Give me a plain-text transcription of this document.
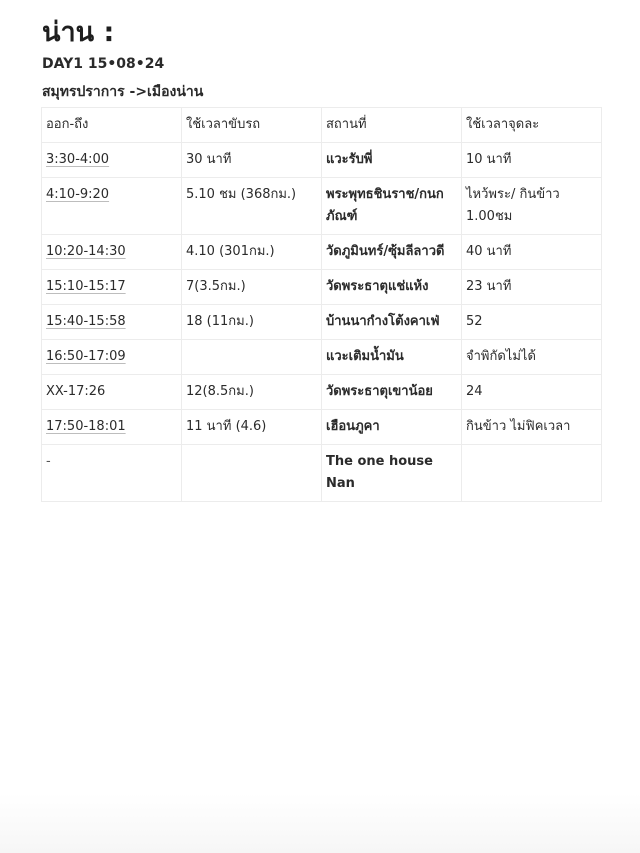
น่าน :
DAY1 15•08•24
สมุทรปราการ ->เมืองน่าน
ออก-ถึง	ใช้เวลาขับรถ	สถานที่	ใช้เวลาจุดละ
3:30-4:00	30 นาที	แวะรับพี่	10 นาที
4:10-9:20	5.10 ชม (368กม.)	พระพุทธชินราช/กนกภัณฑ์	ไหว้พระ/ กินข้าว 1.00ชม
10:20-14:30	4.10 (301กม.)	วัดภูมินทร์/ซุ้มลีลาวดี	40 นาที
15:10-15:17	7(3.5กม.)	วัดพระธาตุแช่แห้ง	23 นาที
15:40-15:58	18 (11กม.)	บ้านนากำงโต้งคาเฟ่	52
16:50-17:09		แวะเติมน้ำมัน	จำพิกัดไม่ได้
XX-17:26	12(8.5กม.)	วัดพระธาตุเขาน้อย	24
17:50-18:01	11 นาที (4.6)	เฮือนภูคา	กินข้าว ไม่ฟิคเวลา
-		The one house Nan	
